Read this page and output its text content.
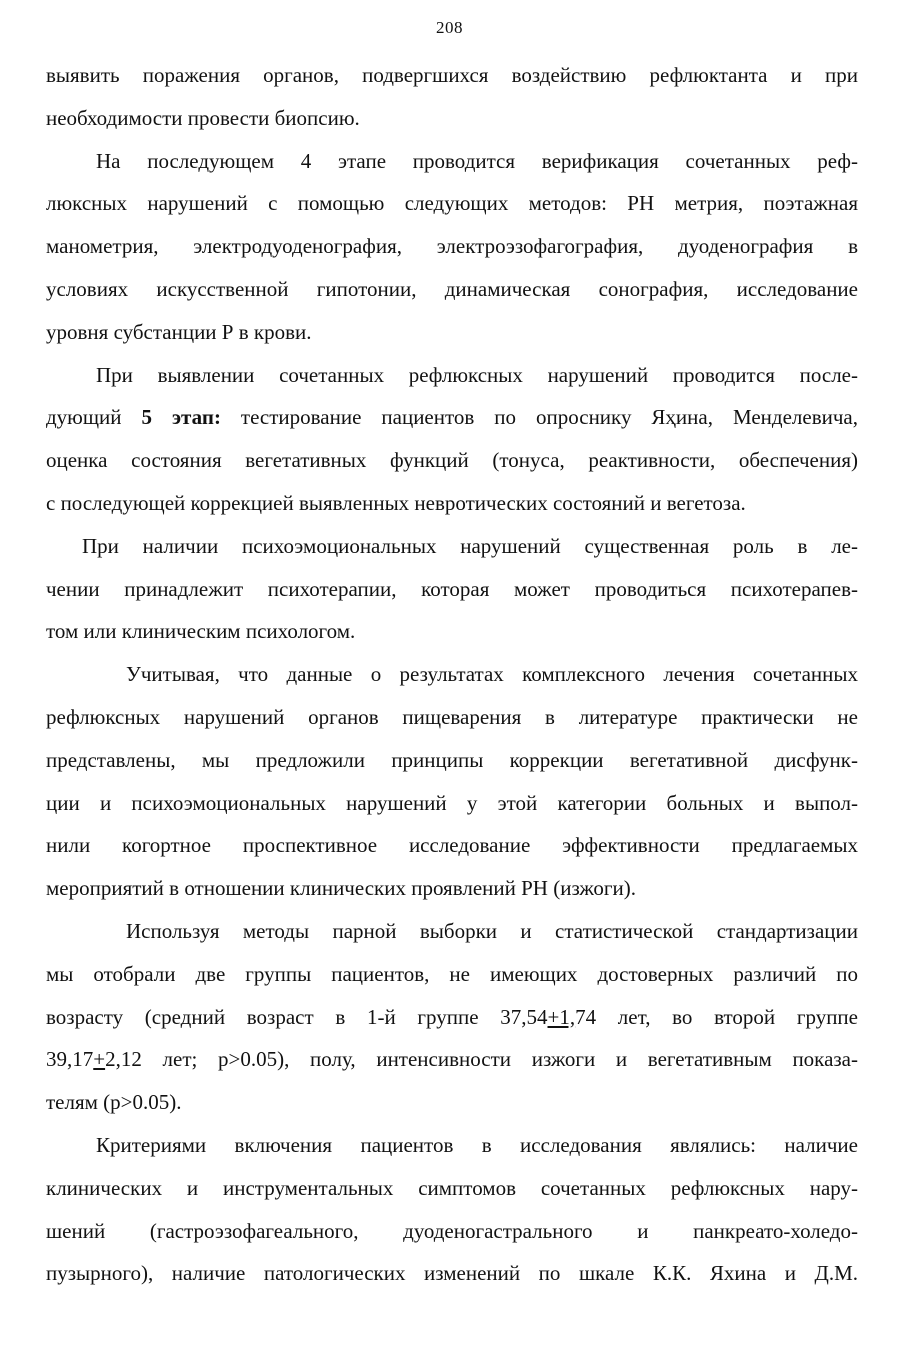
208
выявить поражения органов, подвергшихся воздействию рефлюктанта и при
необходимости провести биопсию.
На последующем 4 этапе проводится верификация сочетанных реф-
люксных нарушений с помощью следующих методов: РН метрия, поэтажная
манометрия, электродуоденография, электроэзофагография, дуоденография в
условиях искусственной гипотонии, динамическая сонография, исследование
уровня субстанции Р в крови.
При выявлении сочетанных рефлюксных нарушений проводится после-
дующий 5 этап: тестирование пациентов по опроснику Яҳина, Менделевича,
оценка состояния вегетативных функций (тонуса, реактивности, обеспечения)
с последующей коррекцией выявленных невротических состояний и вегетоза.
При наличии психоэмоциональных нарушений существенная роль в ле-
чении принадлежит психотерапии, которая может проводиться психотерапев-
том или клиническим психологом.
Учитывая, что данные о результатах комплексного лечения сочетанных
рефлюксных нарушений органов пищеварения в литературе практически не
представлены, мы предложили принципы коррекции вегетативной дисфунк-
ции и психоэмоциональных нарушений у этой категории больных и выпол-
нили когортное проспективное исследование эффективности предлагаемых
мероприятий в отношении клинических проявлений РН (изжоги).
Используя методы парной выборки и статистической стандартизации
мы отобрали две группы пациентов, не имеющих достоверных различий по
возрасту (средний возраст в 1-й группе 37,54+1,74 лет, во второй группе
39,17+2,12 лет; р>0.05), полу, интенсивности изжоги и вегетативным показа-
телям (р>0.05).
Критериями включения пациентов в исследования являлись: наличие
клинических и инструментальных симптомов сочетанных рефлюксных нару-
шений (гастроэзофагеального, дуоденогастрального и панкреато-холедо-
пузырного), наличие патологических изменений по шкале К.К. Яхина и Д.М.
